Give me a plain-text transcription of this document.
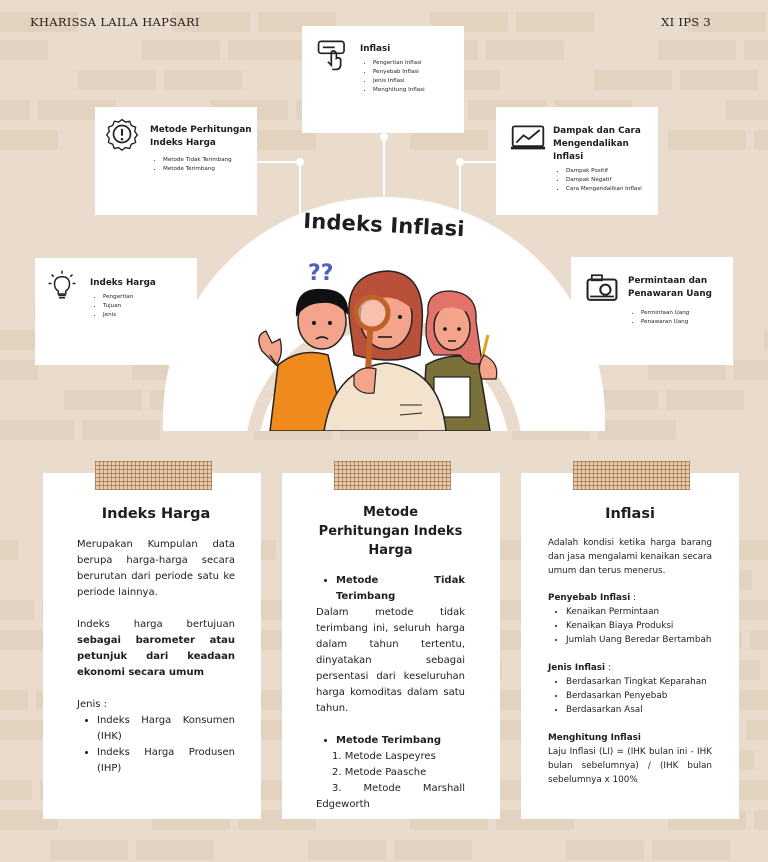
KHARISSA LAILA HAPSARI	XI IPS 3
Indeks Inflasi
??
Inflasi
• Pengertian Inflasi
• Penyebab Inflasi
• Jenis Inflasi
• Menghitung Inflasi
Metode Perhitungan Indeks Harga
• Metode Tidak Terimbang
• Metode Terimbang
Dampak dan Cara Mengendalikan Inflasi
• Dampak Positif
• Dampak Negatif
• Cara Mengendalikan Inflasi
Indeks Harga
• Pengertian
• Tujuan
• Jenis
Permintaan dan Penawaran Uang
• Permintaan Uang
• Penawaran Uang
Indeks Harga

Merupakan Kumpulan data berupa harga-harga secara berurutan dari periode satu ke periode lainnya.

Indeks harga bertujuan sebagai barometer atau petunjuk dari keadaan ekonomi secara umum

Jenis :

• Indeks Harga Konsumen (IHK)
• Indeks Harga Produsen (IHP)
Metode Perhitungan Indeks Harga
• Metode Tidak Terimbang

Dalam metode tidak terimbang ini, seluruh harga dalam tahun tertentu, dinyatakan sebagai persentasi dari keseluruhan harga komoditas dalam satu tahun.

• Metode Terimbang
1. Metode Laspeyres
2. Metode Paasche

3. Metode Marshall Edgeworth

Inflasi

Adalah kondisi ketika harga barang dan jasa mengalami kenaikan secara umum dan terus menerus.

Penyebab Inflasi :

• Kenaikan Permintaan
• Kenaikan Biaya Produksi
• Jumlah Uang Beredar Bertambah

Jenis Inflasi :

• Berdasarkan Tingkat Keparahan
• Berdasarkan Penyebab
• Berdasarkan Asal

Menghitung Inflasi

Laju Inflasi (LI) = (IHK bulan ini - IHK bulan sebelumnya) / (IHK bulan sebelumnya x 100%
